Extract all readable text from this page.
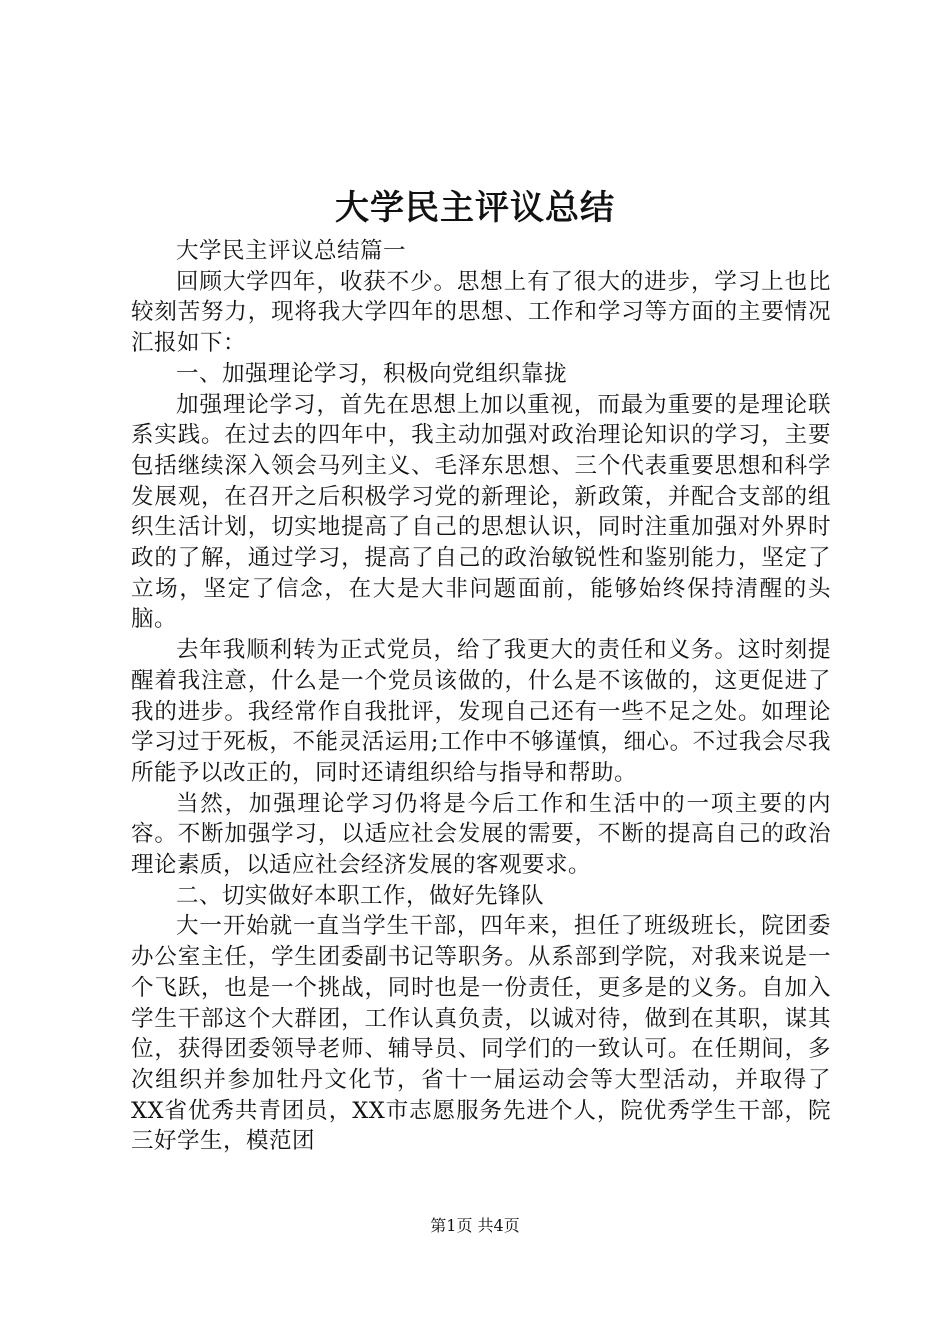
大学民主评议总结

大学民主评议总结篇一

回顾大学四年，收获不少。思想上有了很大的进步，学习上也比较刻苦努力，现将我大学四年的思想、工作和学习等方面的主要情况汇报如下：

一、加强理论学习，积极向党组织靠拢

加强理论学习，首先在思想上加以重视，而最为重要的是理论联系实践。在过去的四年中，我主动加强对政治理论知识的学习，主要包括继续深入领会马列主义、毛泽东思想、三个代表重要思想和科学发展观，在召开之后积极学习党的新理论，新政策，并配合支部的组织生活计划，切实地提高了自己的思想认识，同时注重加强对外界时政的了解，通过学习，提高了自己的政治敏锐性和鉴别能力，坚定了立场，坚定了信念，在大是大非问题面前，能够始终保持清醒的头脑。

去年我顺利转为正式党员，给了我更大的责任和义务。这时刻提醒着我注意，什么是一个党员该做的，什么是不该做的，这更促进了我的进步。我经常作自我批评，发现自己还有一些不足之处。如理论学习过于死板，不能灵活运用;工作中不够谨慎，细心。不过我会尽我所能予以改正的，同时还请组织给与指导和帮助。

当然，加强理论学习仍将是今后工作和生活中的一项主要的内容。不断加强学习，以适应社会发展的需要，不断的提高自己的政治理论素质，以适应社会经济发展的客观要求。

二、切实做好本职工作，做好先锋队

大一开始就一直当学生干部，四年来，担任了班级班长，院团委办公室主任，学生团委副书记等职务。从系部到学院，对我来说是一个飞跃，也是一个挑战，同时也是一份责任，更多是的义务。自加入学生干部这个大群团，工作认真负责，以诚对待，做到在其职，谋其位，获得团委领导老师、辅导员、同学们的一致认可。在任期间，多次组织并参加牡丹文化节，省十一届运动会等大型活动，并取得了XX省优秀共青团员，XX市志愿服务先进个人，院优秀学生干部，院三好学生，模范团

第1页 共4页
